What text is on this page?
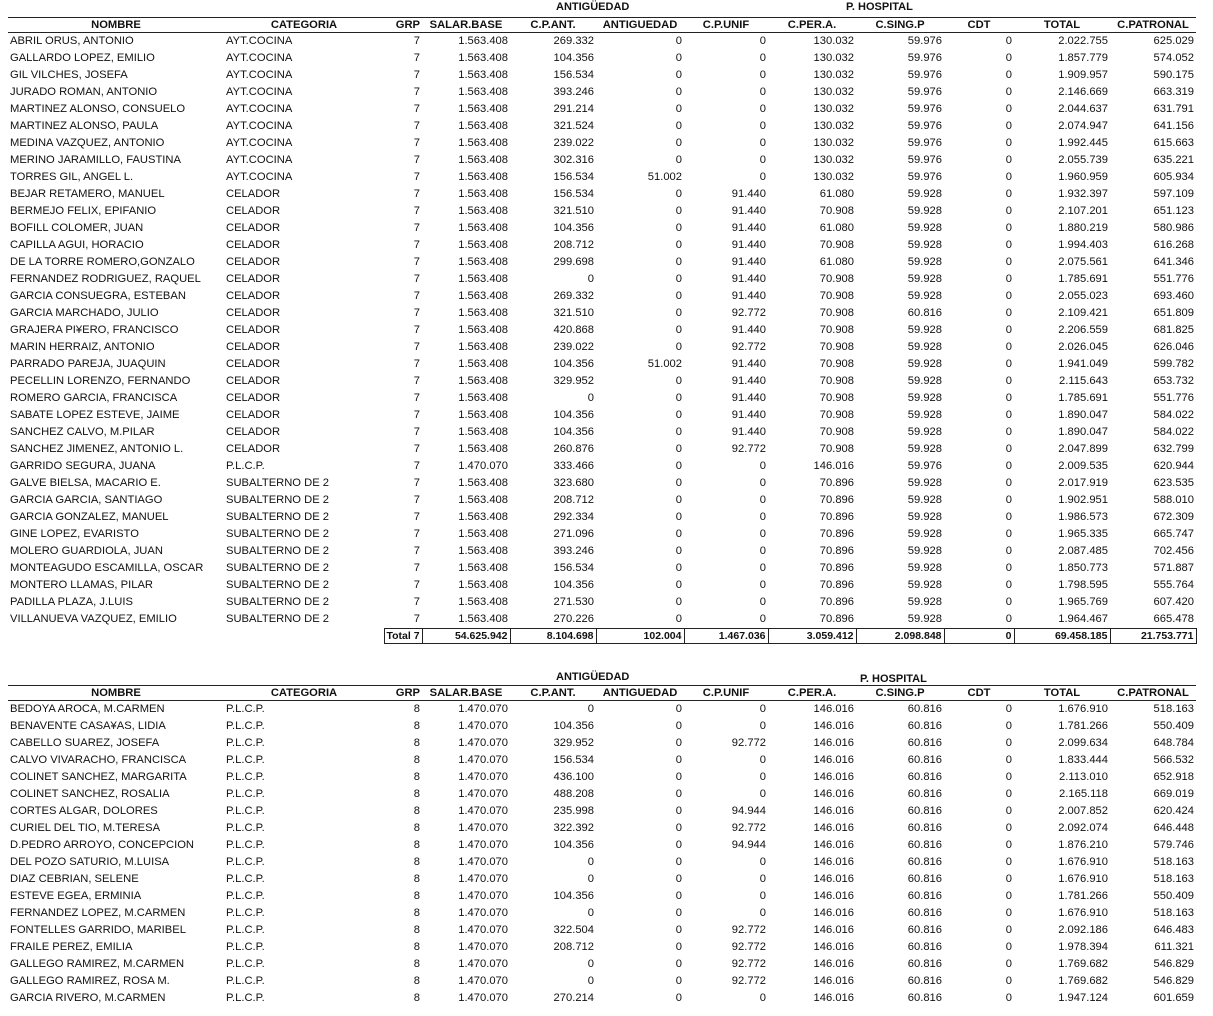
ANTIGÜEDAD	P. HOSPITAL
NOMBRE	CATEGORIA	GRP	SALAR.BASE	C.P.ANT.	ANTIGUEDAD	C.P.UNIF	C.PER.A.	C.SING.P	CDT	TOTAL	C.PATRONAL
ABRIL ORUS, ANTONIO	AYT.COCINA	7	1.563.408	269.332	0	0	130.032	59.976	0	2.022.755	625.029
GALLARDO LOPEZ, EMILIO	AYT.COCINA	7	1.563.408	104.356	0	0	130.032	59.976	0	1.857.779	574.052
GIL VILCHES, JOSEFA	AYT.COCINA	7	1.563.408	156.534	0	0	130.032	59.976	0	1.909.957	590.175
JURADO ROMAN, ANTONIO	AYT.COCINA	7	1.563.408	393.246	0	0	130.032	59.976	0	2.146.669	663.319
MARTINEZ ALONSO, CONSUELO	AYT.COCINA	7	1.563.408	291.214	0	0	130.032	59.976	0	2.044.637	631.791
MARTINEZ ALONSO, PAULA	AYT.COCINA	7	1.563.408	321.524	0	0	130.032	59.976	0	2.074.947	641.156
MEDINA VAZQUEZ, ANTONIO	AYT.COCINA	7	1.563.408	239.022	0	0	130.032	59.976	0	1.992.445	615.663
MERINO JARAMILLO, FAUSTINA	AYT.COCINA	7	1.563.408	302.316	0	0	130.032	59.976	0	2.055.739	635.221
TORRES GIL, ANGEL L.	AYT.COCINA	7	1.563.408	156.534	51.002	0	130.032	59.976	0	1.960.959	605.934
BEJAR RETAMERO, MANUEL	CELADOR	7	1.563.408	156.534	0	91.440	61.080	59.928	0	1.932.397	597.109
BERMEJO FELIX, EPIFANIO	CELADOR	7	1.563.408	321.510	0	91.440	70.908	59.928	0	2.107.201	651.123
BOFILL COLOMER, JUAN	CELADOR	7	1.563.408	104.356	0	91.440	61.080	59.928	0	1.880.219	580.986
CAPILLA AGUI, HORACIO	CELADOR	7	1.563.408	208.712	0	91.440	70.908	59.928	0	1.994.403	616.268
DE LA TORRE ROMERO,GONZALO	CELADOR	7	1.563.408	299.698	0	91.440	61.080	59.928	0	2.075.561	641.346
FERNANDEZ RODRIGUEZ, RAQUEL	CELADOR	7	1.563.408	0	0	91.440	70.908	59.928	0	1.785.691	551.776
GARCIA CONSUEGRA, ESTEBAN	CELADOR	7	1.563.408	269.332	0	91.440	70.908	59.928	0	2.055.023	693.460
GARCIA MARCHADO, JULIO	CELADOR	7	1.563.408	321.510	0	92.772	70.908	60.816	0	2.109.421	651.809
GRAJERA PI¥ERO, FRANCISCO	CELADOR	7	1.563.408	420.868	0	91.440	70.908	59.928	0	2.206.559	681.825
MARIN HERRAIZ, ANTONIO	CELADOR	7	1.563.408	239.022	0	92.772	70.908	59.928	0	2.026.045	626.046
PARRADO PAREJA, JUAQUIN	CELADOR	7	1.563.408	104.356	51.002	91.440	70.908	59.928	0	1.941.049	599.782
PECELLIN LORENZO, FERNANDO	CELADOR	7	1.563.408	329.952	0	91.440	70.908	59.928	0	2.115.643	653.732
ROMERO GARCIA, FRANCISCA	CELADOR	7	1.563.408	0	0	91.440	70.908	59.928	0	1.785.691	551.776
SABATE LOPEZ ESTEVE, JAIME	CELADOR	7	1.563.408	104.356	0	91.440	70.908	59.928	0	1.890.047	584.022
SANCHEZ CALVO, M.PILAR	CELADOR	7	1.563.408	104.356	0	91.440	70.908	59.928	0	1.890.047	584.022
SANCHEZ JIMENEZ, ANTONIO L.	CELADOR	7	1.563.408	260.876	0	92.772	70.908	59.928	0	2.047.899	632.799
GARRIDO SEGURA, JUANA	P.L.C.P.	7	1.470.070	333.466	0	0	146.016	59.976	0	2.009.535	620.944
GALVE BIELSA, MACARIO E.	SUBALTERNO DE 2	7	1.563.408	323.680	0	0	70.896	59.928	0	2.017.919	623.535
GARCIA GARCIA, SANTIAGO	SUBALTERNO DE 2	7	1.563.408	208.712	0	0	70.896	59.928	0	1.902.951	588.010
GARCIA GONZALEZ, MANUEL	SUBALTERNO DE 2	7	1.563.408	292.334	0	0	70.896	59.928	0	1.986.573	672.309
GINE LOPEZ, EVARISTO	SUBALTERNO DE 2	7	1.563.408	271.096	0	0	70.896	59.928	0	1.965.335	665.747
MOLERO GUARDIOLA, JUAN	SUBALTERNO DE 2	7	1.563.408	393.246	0	0	70.896	59.928	0	2.087.485	702.456
MONTEAGUDO ESCAMILLA, OSCAR	SUBALTERNO DE 2	7	1.563.408	156.534	0	0	70.896	59.928	0	1.850.773	571.887
MONTERO LLAMAS, PILAR	SUBALTERNO DE 2	7	1.563.408	104.356	0	0	70.896	59.928	0	1.798.595	555.764
PADILLA PLAZA, J.LUIS	SUBALTERNO DE 2	7	1.563.408	271.530	0	0	70.896	59.928	0	1.965.769	607.420
VILLANUEVA VAZQUEZ, EMILIO	SUBALTERNO DE 2	7	1.563.408	270.226	0	0	70.896	59.928	0	1.964.467	665.478
		Total 7	54.625.942	8.104.698	102.004	1.467.036	3.059.412	2.098.848	0	69.458.185	21.753.771
ANTIGÜEDAD	P. HOSPITAL
NOMBRE	CATEGORIA	GRP	SALAR.BASE	C.P.ANT.	ANTIGUEDAD	C.P.UNIF	C.PER.A.	C.SING.P	CDT	TOTAL	C.PATRONAL
BEDOYA AROCA, M.CARMEN	P.L.C.P.	8	1.470.070	0	0	0	146.016	60.816	0	1.676.910	518.163
BENAVENTE CASA¥AS, LIDIA	P.L.C.P.	8	1.470.070	104.356	0	0	146.016	60.816	0	1.781.266	550.409
CABELLO SUAREZ, JOSEFA	P.L.C.P.	8	1.470.070	329.952	0	92.772	146.016	60.816	0	2.099.634	648.784
CALVO VIVARACHO, FRANCISCA	P.L.C.P.	8	1.470.070	156.534	0	0	146.016	60.816	0	1.833.444	566.532
COLINET SANCHEZ, MARGARITA	P.L.C.P.	8	1.470.070	436.100	0	0	146.016	60.816	0	2.113.010	652.918
COLINET SANCHEZ, ROSALIA	P.L.C.P.	8	1.470.070	488.208	0	0	146.016	60.816	0	2.165.118	669.019
CORTES ALGAR, DOLORES	P.L.C.P.	8	1.470.070	235.998	0	94.944	146.016	60.816	0	2.007.852	620.424
CURIEL DEL TIO, M.TERESA	P.L.C.P.	8	1.470.070	322.392	0	92.772	146.016	60.816	0	2.092.074	646.448
D.PEDRO ARROYO, CONCEPCION	P.L.C.P.	8	1.470.070	104.356	0	94.944	146.016	60.816	0	1.876.210	579.746
DEL POZO SATURIO, M.LUISA	P.L.C.P.	8	1.470.070	0	0	0	146.016	60.816	0	1.676.910	518.163
DIAZ CEBRIAN, SELENE	P.L.C.P.	8	1.470.070	0	0	0	146.016	60.816	0	1.676.910	518.163
ESTEVE EGEA, ERMINIA	P.L.C.P.	8	1.470.070	104.356	0	0	146.016	60.816	0	1.781.266	550.409
FERNANDEZ LOPEZ, M.CARMEN	P.L.C.P.	8	1.470.070	0	0	0	146.016	60.816	0	1.676.910	518.163
FONTELLES GARRIDO, MARIBEL	P.L.C.P.	8	1.470.070	322.504	0	92.772	146.016	60.816	0	2.092.186	646.483
FRAILE PEREZ, EMILIA	P.L.C.P.	8	1.470.070	208.712	0	92.772	146.016	60.816	0	1.978.394	611.321
GALLEGO RAMIREZ, M.CARMEN	P.L.C.P.	8	1.470.070	0	0	92.772	146.016	60.816	0	1.769.682	546.829
GALLEGO RAMIREZ, ROSA M.	P.L.C.P.	8	1.470.070	0	0	92.772	146.016	60.816	0	1.769.682	546.829
GARCIA RIVERO, M.CARMEN	P.L.C.P.	8	1.470.070	270.214	0	0	146.016	60.816	0	1.947.124	601.659
